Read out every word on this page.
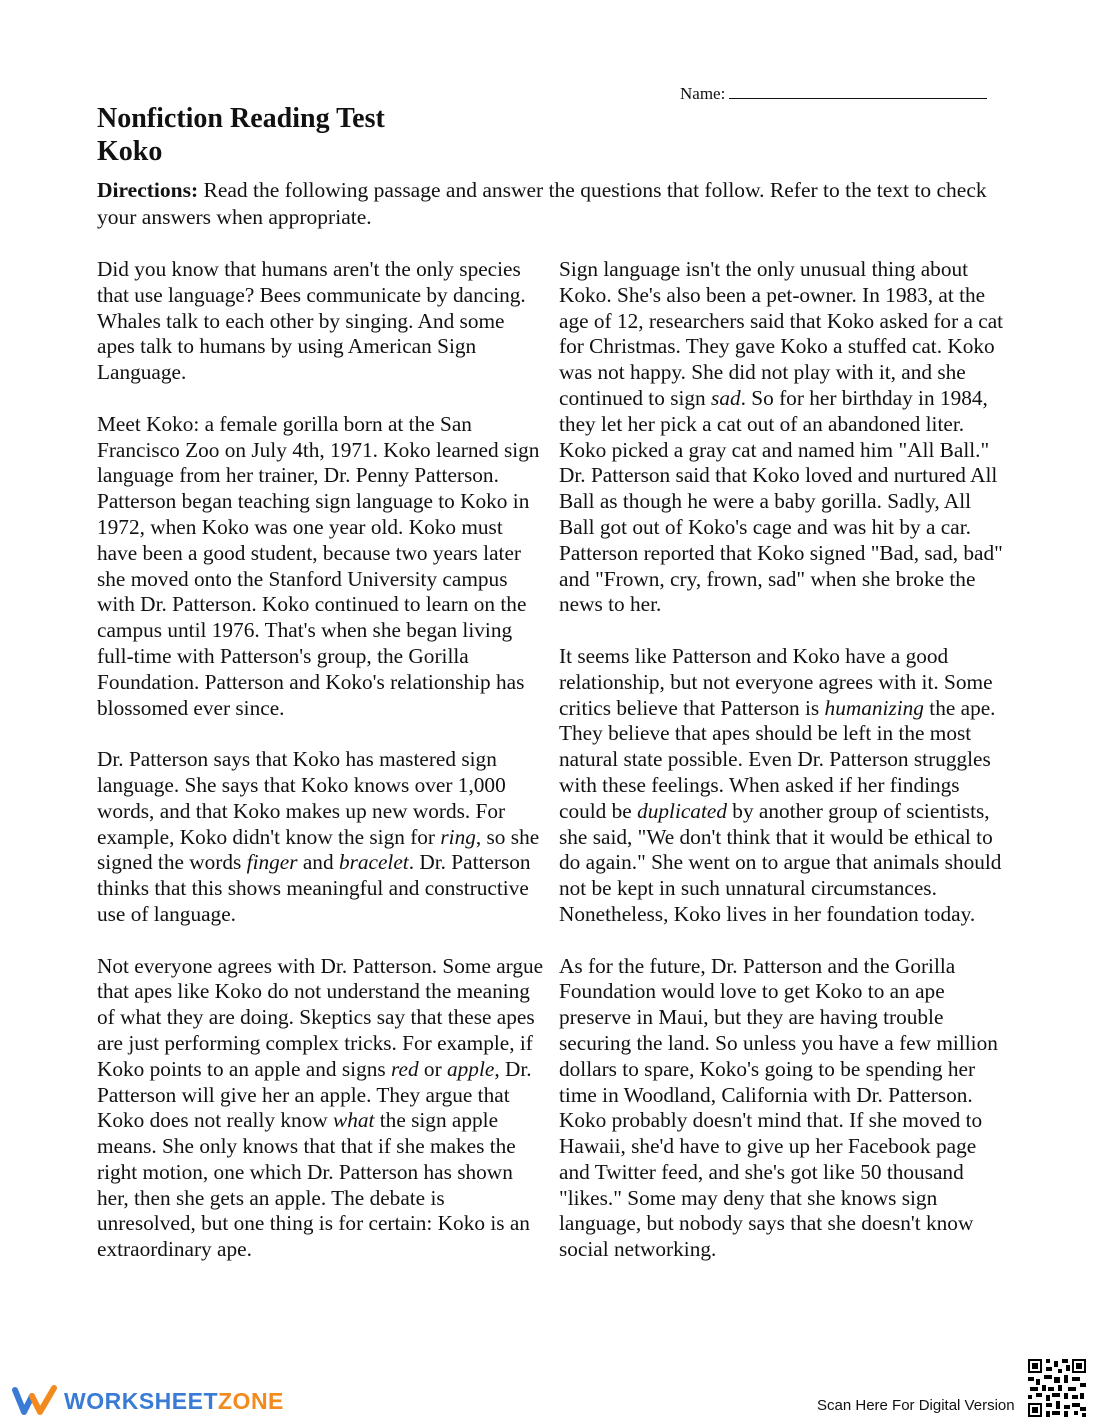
Name:
Nonfiction Reading Test
Koko

Directions: Read the following passage and answer the questions that follow. Refer to the text to check your answers when appropriate.

Did you know that humans aren't the only species that use language? Bees communicate by dancing. Whales talk to each other by singing. And some apes talk to humans by using American Sign Language.

Meet Koko: a female gorilla born at the San Francisco Zoo on July 4th, 1971. Koko learned sign language from her trainer, Dr. Penny Patterson. Patterson began teaching sign language to Koko in 1972, when Koko was one year old. Koko must have been a good student, because two years later she moved onto the Stanford University campus with Dr. Patterson. Koko continued to learn on the campus until 1976. That's when she began living full-time with Patterson's group, the Gorilla Foundation. Patterson and Koko's relationship has blossomed ever since.

Dr. Patterson says that Koko has mastered sign language. She says that Koko knows over 1,000 words, and that Koko makes up new words. For example, Koko didn't know the sign for ring, so she signed the words finger and bracelet. Dr. Patterson thinks that this shows meaningful and constructive use of language.

Not everyone agrees with Dr. Patterson. Some argue that apes like Koko do not understand the meaning of what they are doing. Skeptics say that these apes are just performing complex tricks. For example, if Koko points to an apple and signs red or apple, Dr. Patterson will give her an apple. They argue that Koko does not really know what the sign apple means. She only knows that that if she makes the right motion, one which Dr. Patterson has shown her, then she gets an apple. The debate is unresolved, but one thing is for certain: Koko is an extraordinary ape.

Sign language isn't the only unusual thing about Koko. She's also been a pet-owner. In 1983, at the age of 12, researchers said that Koko asked for a cat for Christmas. They gave Koko a stuffed cat. Koko was not happy. She did not play with it, and she continued to sign sad. So for her birthday in 1984, they let her pick a cat out of an abandoned liter. Koko picked a gray cat and named him "All Ball." Dr. Patterson said that Koko loved and nurtured All Ball as though he were a baby gorilla. Sadly, All Ball got out of Koko's cage and was hit by a car. Patterson reported that Koko signed "Bad, sad, bad" and "Frown, cry, frown, sad" when she broke the news to her.

It seems like Patterson and Koko have a good relationship, but not everyone agrees with it. Some critics believe that Patterson is humanizing the ape. They believe that apes should be left in the most natural state possible. Even Dr. Patterson struggles with these feelings. When asked if her findings could be duplicated by another group of scientists, she said, "We don't think that it would be ethical to do again." She went on to argue that animals should not be kept in such unnatural circumstances. Nonetheless, Koko lives in her foundation today.

As for the future, Dr. Patterson and the Gorilla Foundation would love to get Koko to an ape preserve in Maui, but they are having trouble securing the land. So unless you have a few million dollars to spare, Koko's going to be spending her time in Woodland, California with Dr. Patterson. Koko probably doesn't mind that. If she moved to Hawaii, she'd have to give up her Facebook page and Twitter feed, and she's got like 50 thousand "likes." Some may deny that she knows sign language, but nobody says that she doesn't know social networking.

WORKSHEETZONE	Scan Here For Digital Version
